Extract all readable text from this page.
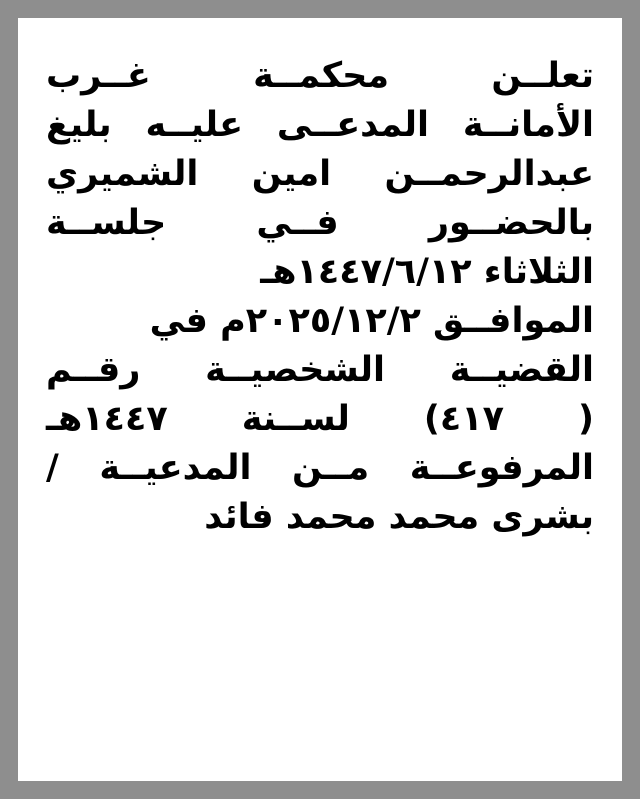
تعلــن محكمــة غــرب
الأمانــة المدعــى عليــه بليغ
عبدالرحمــن امين الشميري
بالحضــور فــي جلســة
الثلاثاء ١٤٤٧/٦/١٢هـ
الموافــق ٢٠٢٥/١٢/٢م في
القضيــة الشخصيــة رقــم
( ٤١٧) لســنة ١٤٤٧هـ
المرفوعــة مــن المدعيــة /
بشرى محمد محمد فائد
